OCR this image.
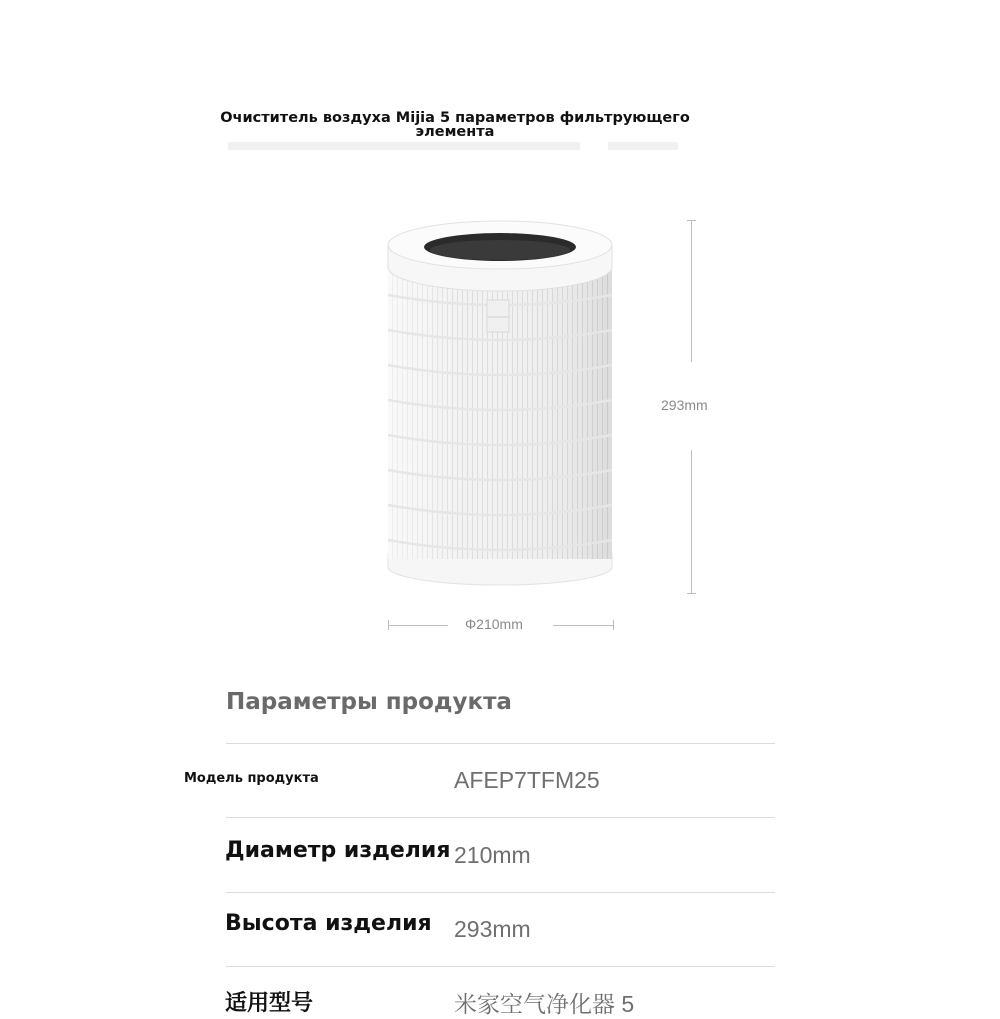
Очиститель воздуха Mijia 5 параметров фильтрующего элемента
293mm
Φ210mm
Параметры продукта
Модель продукта	AFEP7TFM25
Диаметр изделия 210mm
Высота изделия 293mm
适用型号	米家空气净化器 5
